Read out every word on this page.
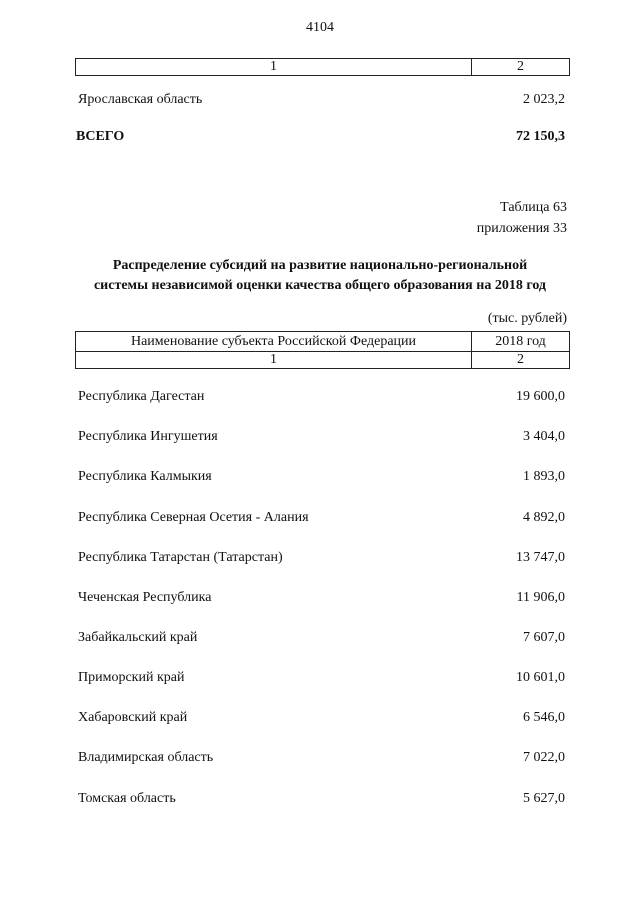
4104
1	2
Ярославская область	2 023,2
ВСЕГО	72 150,3
Таблица 63
приложения 33
Распределение субсидий на развитие национально-региональной
системы независимой оценки качества общего образования на 2018 год
(тыс. рублей)
Наименование субъекта Российской Федерации	2018 год
1	2
Республика Дагестан	19 600,0
Республика Ингушетия	3 404,0
Республика Калмыкия	1 893,0
Республика Северная Осетия - Алания	4 892,0
Республика Татарстан (Татарстан)	13 747,0
Чеченская Республика	11 906,0
Забайкальский край	7 607,0
Приморский край	10 601,0
Хабаровский край	6 546,0
Владимирская область	7 022,0
Томская область	5 627,0
